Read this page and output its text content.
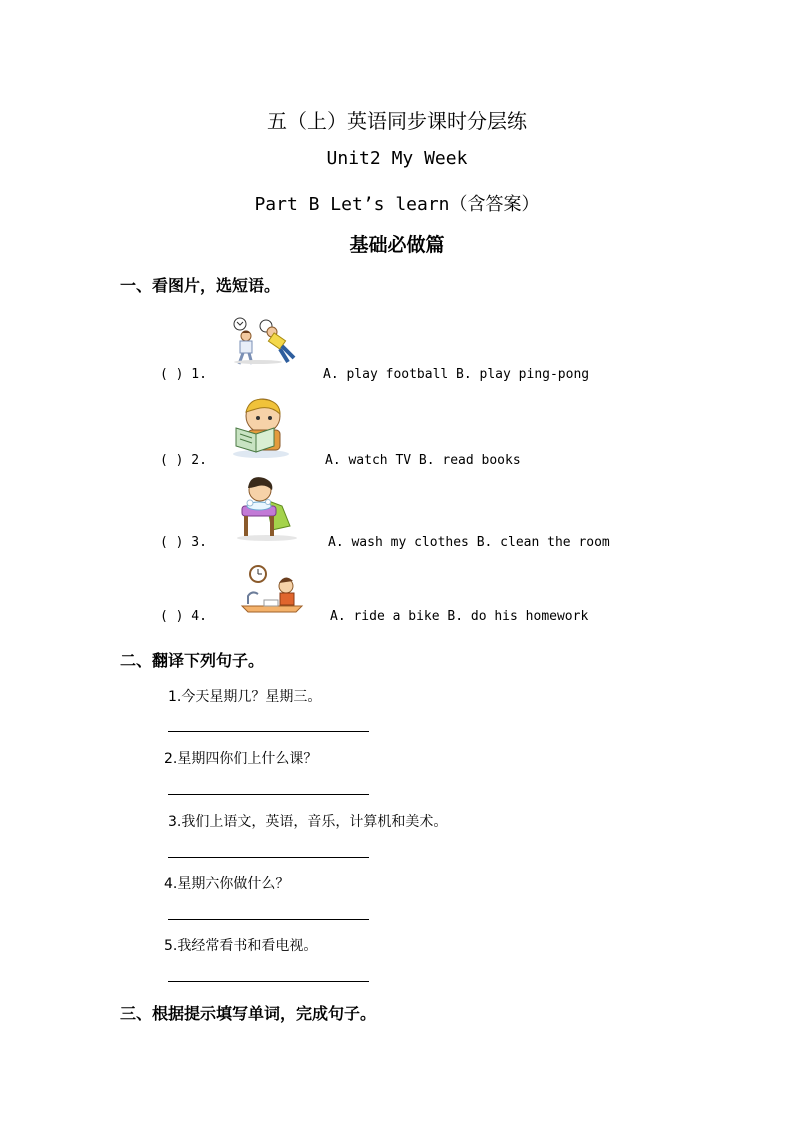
五（上）英语同步课时分层练
Unit2 My Week
Part B Let’s learn（含答案）
基础必做篇
一、看图片，选短语。
( ) 1.	A. play football B. play ping-pong
( ) 2.	A. watch TV B. read books
( ) 3.	A. wash my clothes B. clean the room
( ) 4.	A. ride a bike B. do his homework
二、翻译下列句子。
1.今天星期几？星期三。
2.星期四你们上什么课？
3.我们上语文，英语，音乐，计算机和美术。
4.星期六你做什么？
5.我经常看书和看电视。
三、根据提示填写单词，完成句子。
